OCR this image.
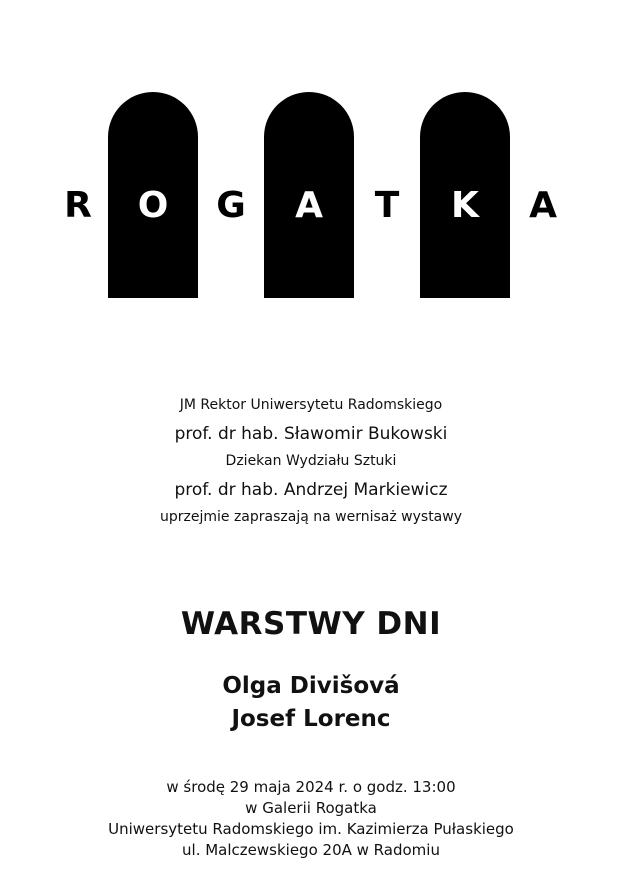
R O G A T K A
JM Rektor Uniwersytetu Radomskiego
prof. dr hab. Sławomir Bukowski
Dziekan Wydziału Sztuki
prof. dr hab. Andrzej Markiewicz
uprzejmie zapraszają na wernisaż wystawy
WARSTWY DNI
Olga Divišová
Josef Lorenc
w środę 29 maja 2024 r. o godz. 13:00
w Galerii Rogatka
Uniwersytetu Radomskiego im. Kazimierza Pułaskiego
ul. Malczewskiego 20A w Radomiu
